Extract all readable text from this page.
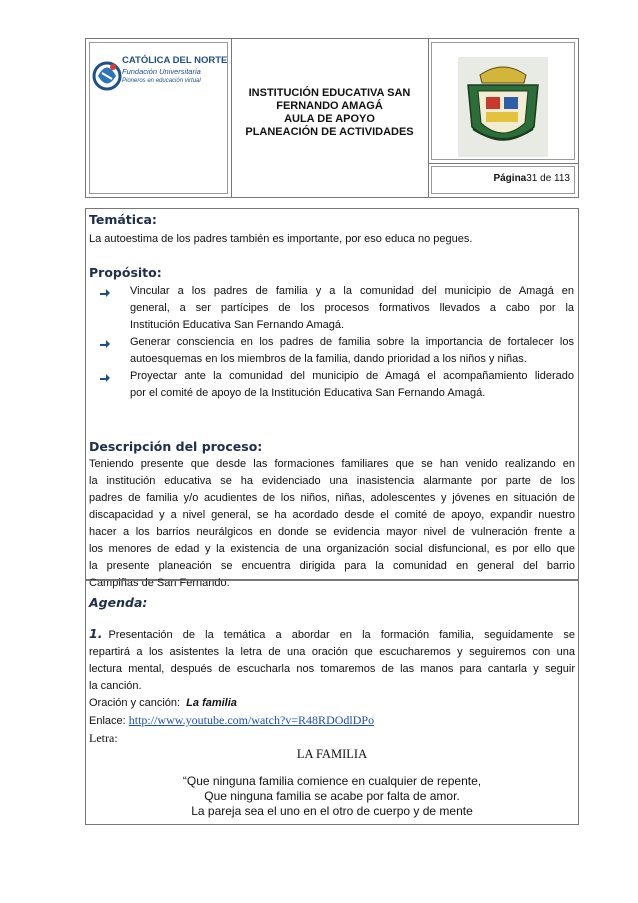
CATÓLICA DEL NORTE
Fundación Universitaria
Pioneros en educación virtual
INSTITUCIÓN EDUCATIVA SAN
FERNANDO AMAGÁ
AULA DE APOYO
PLANEACIÓN DE ACTIVIDADES
Página31 de 113
Temática:
La autoestima de los padres también es importante, por eso educa no pegues.
Propósito:
Vincular a los padres de familia y a la comunidad del municipio de Amagá en
general, a ser partícipes de los procesos formativos llevados a cabo por la
Institución Educativa San Fernando Amagá.
Generar consciencia en los padres de familia sobre la importancia de fortalecer los
autoesquemas en los miembros de la familia, dando prioridad a los niños y niñas.
Proyectar ante la comunidad del municipio de Amagá el acompañamiento liderado
por el comité de apoyo de la Institución Educativa San Fernando Amagá.
Descripción del proceso:
Teniendo presente que desde las formaciones familiares que se han venido realizando en
la institución educativa se ha evidenciado una inasistencia alarmante por parte de los
padres de familia y/o acudientes de los niños, niñas, adolescentes y jóvenes en situación de
discapacidad y a nivel general, se ha acordado desde el comité de apoyo, expandir nuestro
hacer a los barrios neurálgicos en donde se evidencia mayor nivel de vulneración frente a
los menores de edad y la existencia de una organización social disfuncional, es por ello que
la presente planeación se encuentra dirigida para la comunidad en general del barrio
Campiñas de San Fernando.
Agenda:
1. Presentación de la temática a abordar en la formación familia, seguidamente se
repartirá a los asistentes la letra de una oración que escucharemos y seguiremos con una
lectura mental, después de escucharla nos tomaremos de las manos para cantarla y seguir
la canción.
Oración y canción: La familia
Enlace: http://www.youtube.com/watch?v=R48RDOdlDPo
Letra:
LA FAMILIA
“Que ninguna familia comience en cualquier de repente,
Que ninguna familia se acabe por falta de amor.
La pareja sea el uno en el otro de cuerpo y de mente
